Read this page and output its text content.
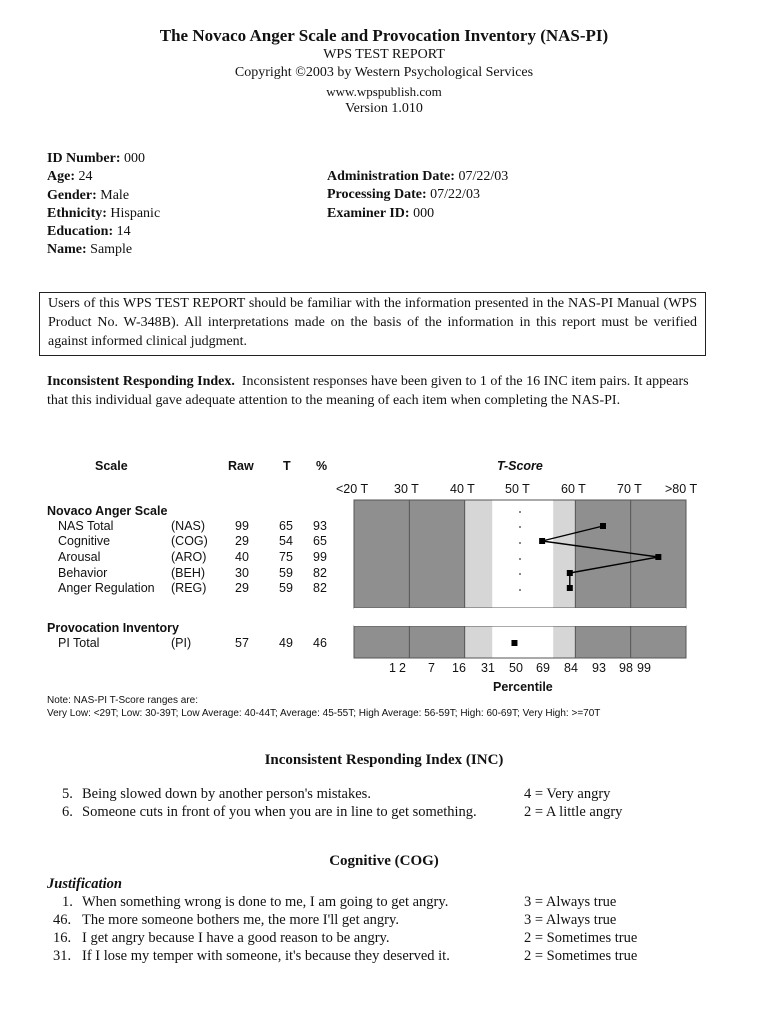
The Novaco Anger Scale and Provocation Inventory (NAS-PI)
WPS TEST REPORT
Copyright ©2003 by Western Psychological Services
www.wpspublish.com
Version 1.010
ID Number: 000
Age: 24
Gender: Male
Ethnicity: Hispanic
Education: 14
Name: Sample
Administration Date: 07/22/03
Processing Date: 07/22/03
Examiner ID: 000
Users of this WPS TEST REPORT should be familiar with the information presented in the NAS-PI Manual (WPS Product No. W-348B). All interpretations made on the basis of the information in this report must be verified against informed clinical judgment.
Inconsistent Responding Index. Inconsistent responses have been given to 1 of the 16 INC item pairs. It appears that this individual gave adequate attention to the meaning of each item when completing the NAS-PI.
Scale	Raw T %	T-Score
<20 T 30 T 40 T 50 T 60 T 70 T >80 T
Novaco Anger Scale
NAS Total	(NAS) 99 65 93
Cognitive	(COG) 29 54 65
Arousal	(ARO) 40 75 99
Behavior	(BEH) 30 59 82
Anger Regulation (REG) 29 59 82
Provocation Inventory
PI Total	(PI)	57 49 46
1 2 7 16 31 50 69 84 93 98 99
Percentile
Note: NAS-PI T-Score ranges are:
Very Low: <29T; Low: 30-39T; Low Average: 40-44T; Average: 45-55T; High Average: 56-59T; High: 60-69T; Very High: >=70T
Inconsistent Responding Index (INC)
5. Being slowed down by another person's mistakes.	4 = Very angry
6. Someone cuts in front of you when you are in line to get something.	2 = A little angry
Cognitive (COG)
Justification
1. When something wrong is done to me, I am going to get angry.	3 = Always true
46. The more someone bothers me, the more I'll get angry.	3 = Always true
16. I get angry because I have a good reason to be angry.	2 = Sometimes true
31. If I lose my temper with someone, it's because they deserved it.	2 = Sometimes true
